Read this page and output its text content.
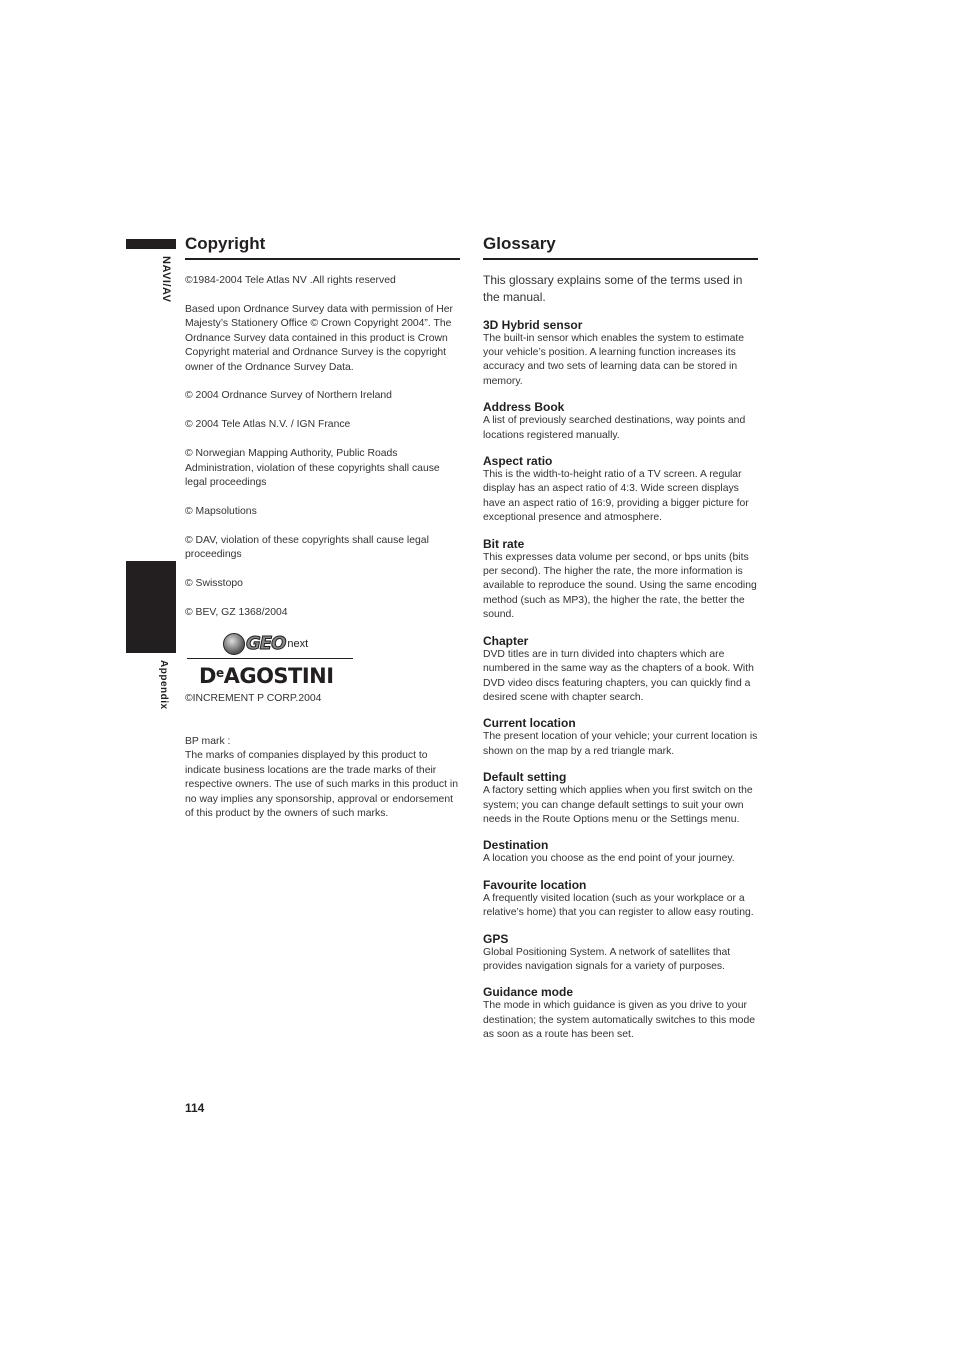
NAVI/AV
Appendix
Copyright

©1984-2004 Tele Atlas NV .All rights reserved

Based upon Ordnance Survey data with permission of Her Majesty’s Stationery Office © Crown Copyright 2004”. The Ordnance Survey data contained in this product is Crown Copyright material and Ordnance Survey is the copyright owner of the Ordnance Survey Data.

© 2004 Ordnance Survey of Northern Ireland

© 2004 Tele Atlas N.V. / IGN France

© Norwegian Mapping Authority, Public Roads Administration, violation of these copyrights shall cause legal proceedings

© Mapsolutions

© DAV, violation of these copyrights shall cause legal proceedings

© Swisstopo

© BEV, GZ 1368/2004

GEO next
DeAGOSTINI

©INCREMENT P CORP.2004

BP mark :

The marks of companies displayed by this product to indicate business locations are the trade marks of their respective owners. The use of such marks in this product in no way implies any sponsorship, approval or endorsement of this product by the owners of such marks.

Glossary

This glossary explains some of the terms used in the manual.

3D Hybrid sensor

The built-in sensor which enables the system to estimate your vehicle’s position. A learning function increases its accuracy and two sets of learning data can be stored in memory.

Address Book

A list of previously searched destinations, way points and locations registered manually.

Aspect ratio

This is the width-to-height ratio of a TV screen. A regular display has an aspect ratio of 4:3. Wide screen displays have an aspect ratio of 16:9, providing a bigger picture for exceptional presence and atmosphere.

Bit rate

This expresses data volume per second, or bps units (bits per second). The higher the rate, the more information is available to reproduce the sound. Using the same encoding method (such as MP3), the higher the rate, the better the sound.

Chapter

DVD titles are in turn divided into chapters which are numbered in the same way as the chapters of a book. With DVD video discs featuring chapters, you can quickly find a desired scene with chapter search.

Current location

The present location of your vehicle; your current location is shown on the map by a red triangle mark.

Default setting

A factory setting which applies when you first switch on the system; you can change default settings to suit your own needs in the Route Options menu or the Settings menu.

Destination

A location you choose as the end point of your journey.

Favourite location

A frequently visited location (such as your workplace or a relative’s home) that you can register to allow easy routing.

GPS

Global Positioning System. A network of satellites that provides navigation signals for a variety of purposes.

Guidance mode

The mode in which guidance is given as you drive to your destination; the system automatically switches to this mode as soon as a route has been set.

114
